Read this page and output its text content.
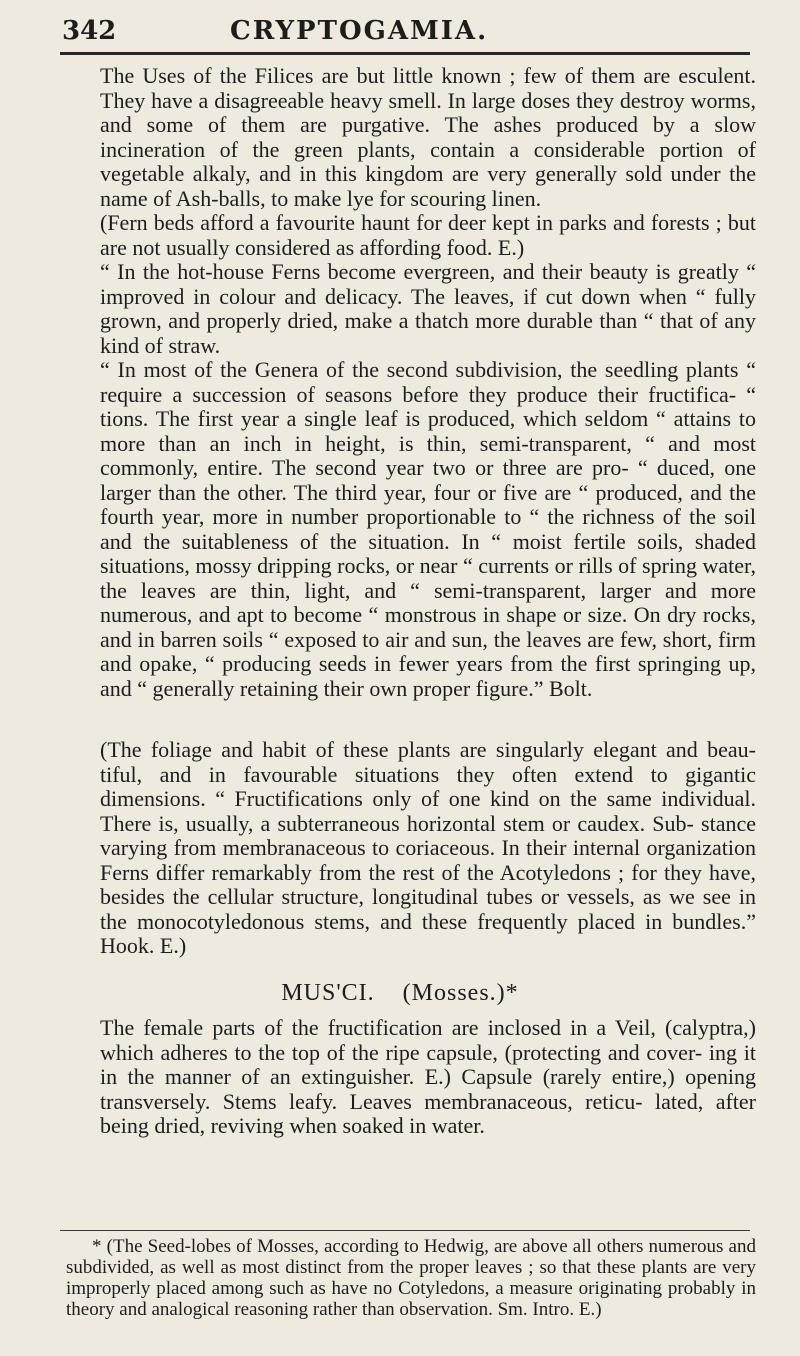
342	CRYPTOGAMIA.

The Uses of the Filices are but little known ; few of them are esculent. They have a disagreeable heavy smell. In large doses they destroy worms, and some of them are purgative. The ashes produced by a slow incineration of the green plants, contain a considerable portion of vegetable alkaly, and in this kingdom are very generally sold under the name of Ash-balls, to make lye for scouring linen.

(Fern beds afford a favourite haunt for deer kept in parks and forests ; but are not usually considered as affording food. E.)

“ In the hot-house Ferns become evergreen, and their beauty is greatly “ improved in colour and delicacy. The leaves, if cut down when “ fully grown, and properly dried, make a thatch more durable than “ that of any kind of straw.

“ In most of the Genera of the second subdivision, the seedling plants “ require a succession of seasons before they produce their fructifica- “ tions. The first year a single leaf is produced, which seldom “ attains to more than an inch in height, is thin, semi-transparent, “ and most commonly, entire. The second year two or three are pro- “ duced, one larger than the other. The third year, four or five are “ produced, and the fourth year, more in number proportionable to “ the richness of the soil and the suitableness of the situation. In “ moist fertile soils, shaded situations, mossy dripping rocks, or near “ currents or rills of spring water, the leaves are thin, light, and “ semi-transparent, larger and more numerous, and apt to become “ monstrous in shape or size. On dry rocks, and in barren soils “ exposed to air and sun, the leaves are few, short, firm and opake, “ producing seeds in fewer years from the first springing up, and “ generally retaining their own proper figure.” Bolt.

(The foliage and habit of these plants are singularly elegant and beau- tiful, and in favourable situations they often extend to gigantic dimensions. “ Fructifications only of one kind on the same individual. There is, usually, a subterraneous horizontal stem or caudex. Sub- stance varying from membranaceous to coriaceous. In their internal organization Ferns differ remarkably from the rest of the Acotyledons ; for they have, besides the cellular structure, longitudinal tubes or vessels, as we see in the monocotyledonous stems, and these frequently placed in bundles.” Hook. E.)

MUS'CI. (Mosses.)*

The female parts of the fructification are inclosed in a Veil, (calyptra,) which adheres to the top of the ripe capsule, (protecting and cover- ing it in the manner of an extinguisher. E.) Capsule (rarely entire,) opening transversely. Stems leafy. Leaves membranaceous, reticu- lated, after being dried, reviving when soaked in water.

* (The Seed-lobes of Mosses, according to Hedwig, are above all others numerous and subdivided, as well as most distinct from the proper leaves ; so that these plants are very improperly placed among such as have no Cotyledons, a measure originating probably in theory and analogical reasoning rather than observation. Sm. Intro. E.)
